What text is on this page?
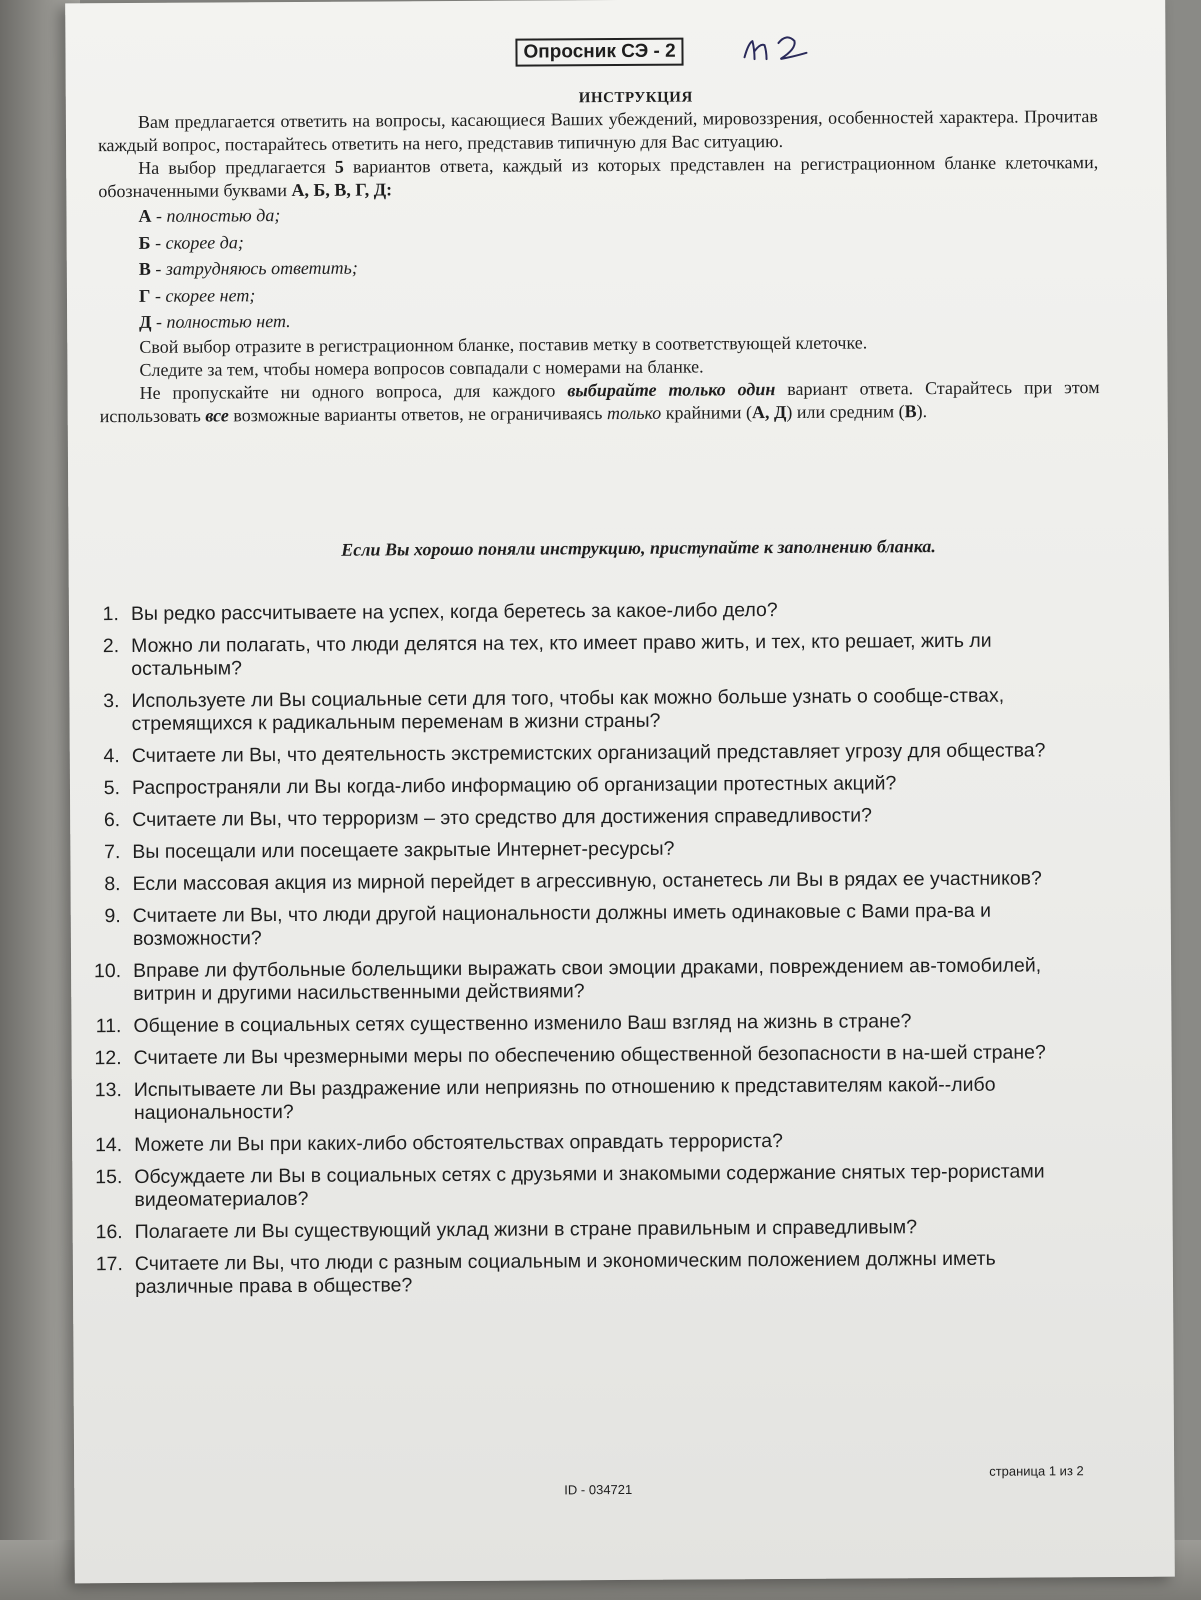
Опросник СЭ - 2
ИНСТРУКЦИЯ

Вам предлагается ответить на вопросы, касающиеся Ваших убеждений, мировоззрения, особенностей характера. Прочитав каждый вопрос, постарайтесь ответить на него, представив типичную для Вас ситуацию.

На выбор предлагается 5 вариантов ответа, каждый из которых представлен на регистрационном бланке клеточками, обозначенными буквами А, Б, В, Г, Д:

А - полностью да;
Б - скорее да;
В - затрудняюсь ответить;
Г - скорее нет;
Д - полностью нет.

Свой выбор отразите в регистрационном бланке, поставив метку в соответствующей клеточке.

Следите за тем, чтобы номера вопросов совпадали с номерами на бланке.

Не пропускайте ни одного вопроса, для каждого выбирайте только один вариант ответа. Старайтесь при этом использовать все возможные варианты ответов, не ограничиваясь только крайними (А, Д) или средним (В).

Если Вы хорошо поняли инструкцию, приступайте к заполнению бланка.
1. Вы редко рассчитываете на успех, когда беретесь за какое-либо дело?
2. Можно ли полагать, что люди делятся на тех, кто имеет право жить, и тех, кто решает, жить ли остальным?
3. Используете ли Вы социальные сети для того, чтобы как можно больше узнать о сообще-ствах, стремящихся к радикальным переменам в жизни страны?
4. Считаете ли Вы, что деятельность экстремистских организаций представляет угрозу для общества?
5. Распространяли ли Вы когда-либо информацию об организации протестных акций?
6. Считаете ли Вы, что терроризм – это средство для достижения справедливости?
7. Вы посещали или посещаете закрытые Интернет-ресурсы?
8. Если массовая акция из мирной перейдет в агрессивную, останетесь ли Вы в рядах ее участников?
9. Считаете ли Вы, что люди другой национальности должны иметь одинаковые с Вами пра-ва и возможности?
10. Вправе ли футбольные болельщики выражать свои эмоции драками, повреждением ав-томобилей, витрин и другими насильственными действиями?
11. Общение в социальных сетях существенно изменило Ваш взгляд на жизнь в стране?
12. Считаете ли Вы чрезмерными меры по обеспечению общественной безопасности в на-шей стране?
13. Испытываете ли Вы раздражение или неприязнь по отношению к представителям какой--либо национальности?
14. Можете ли Вы при каких-либо обстоятельствах оправдать террориста?
15. Обсуждаете ли Вы в социальных сетях с друзьями и знакомыми содержание снятых тер-рористами видеоматериалов?
16. Полагаете ли Вы существующий уклад жизни в стране правильным и справедливым?
17. Считаете ли Вы, что люди с разным социальным и экономическим положением должны иметь различные права в обществе?
ID - 034721
страница 1 из 2
